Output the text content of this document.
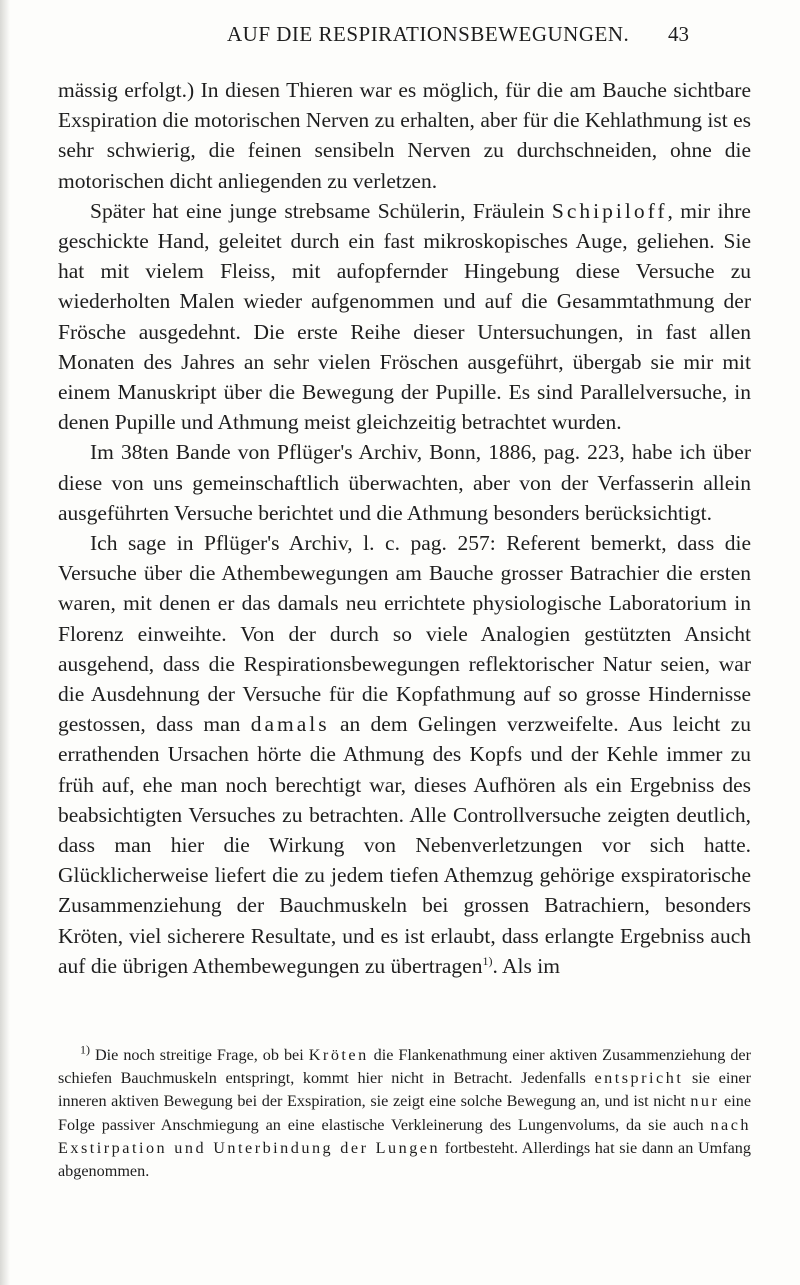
AUF DIE RESPIRATIONSBEWEGUNGEN. 43

mässig erfolgt.) In diesen Thieren war es möglich, für die am Bauche sichtbare Exspiration die motorischen Nerven zu erhalten, aber für die Kehlathmung ist es sehr schwierig, die feinen sensibeln Nerven zu durchschneiden, ohne die motorischen dicht anliegenden zu verletzen.

Später hat eine junge strebsame Schülerin, Fräulein Schipiloff, mir ihre geschickte Hand, geleitet durch ein fast mikroskopisches Auge, geliehen. Sie hat mit vielem Fleiss, mit aufopfernder Hingebung diese Versuche zu wiederholten Malen wieder aufgenommen und auf die Gesammtathmung der Frösche ausgedehnt. Die erste Reihe dieser Untersuchungen, in fast allen Monaten des Jahres an sehr vielen Fröschen ausgeführt, übergab sie mir mit einem Manuskript über die Bewegung der Pupille. Es sind Parallelversuche, in denen Pupille und Athmung meist gleichzeitig betrachtet wurden.

Im 38ten Bande von Pflüger's Archiv, Bonn, 1886, pag. 223, habe ich über diese von uns gemeinschaftlich überwachten, aber von der Verfasserin allein ausgeführten Versuche berichtet und die Athmung besonders berücksichtigt.

Ich sage in Pflüger's Archiv, l. c. pag. 257: Referent bemerkt, dass die Versuche über die Athembewegungen am Bauche grosser Batrachier die ersten waren, mit denen er das damals neu errichtete physiologische Laboratorium in Florenz einweihte. Von der durch so viele Analogien gestützten Ansicht ausgehend, dass die Respirationsbewegungen reflektorischer Natur seien, war die Ausdehnung der Versuche für die Kopfathmung auf so grosse Hindernisse gestossen, dass man damals an dem Gelingen verzweifelte. Aus leicht zu errathenden Ursachen hörte die Athmung des Kopfs und der Kehle immer zu früh auf, ehe man noch berechtigt war, dieses Aufhören als ein Ergebniss des beabsichtigten Versuches zu betrachten. Alle Controllversuche zeigten deutlich, dass man hier die Wirkung von Nebenverletzungen vor sich hatte. Glücklicherweise liefert die zu jedem tiefen Athemzug gehörige exspiratorische Zusammenziehung der Bauchmuskeln bei grossen Batrachiern, besonders Kröten, viel sicherere Resultate, und es ist erlaubt, dass erlangte Ergebniss auch auf die übrigen Athembewegungen zu übertragen$^{1)}$. Als im

$^{1)}$ Die noch streitige Frage, ob bei Kröten die Flankenathmung einer aktiven Zusammenziehung der schiefen Bauchmuskeln entspringt, kommt hier nicht in Betracht. Jedenfalls entspricht sie einer inneren aktiven Bewegung bei der Exspiration, sie zeigt eine solche Bewegung an, und ist nicht nur eine Folge passiver Anschmiegung an eine elastische Verkleinerung des Lungenvolums, da sie auch nach Exstirpation und Unterbindung der Lungen fortbesteht. Allerdings hat sie dann an Umfang abgenommen.
